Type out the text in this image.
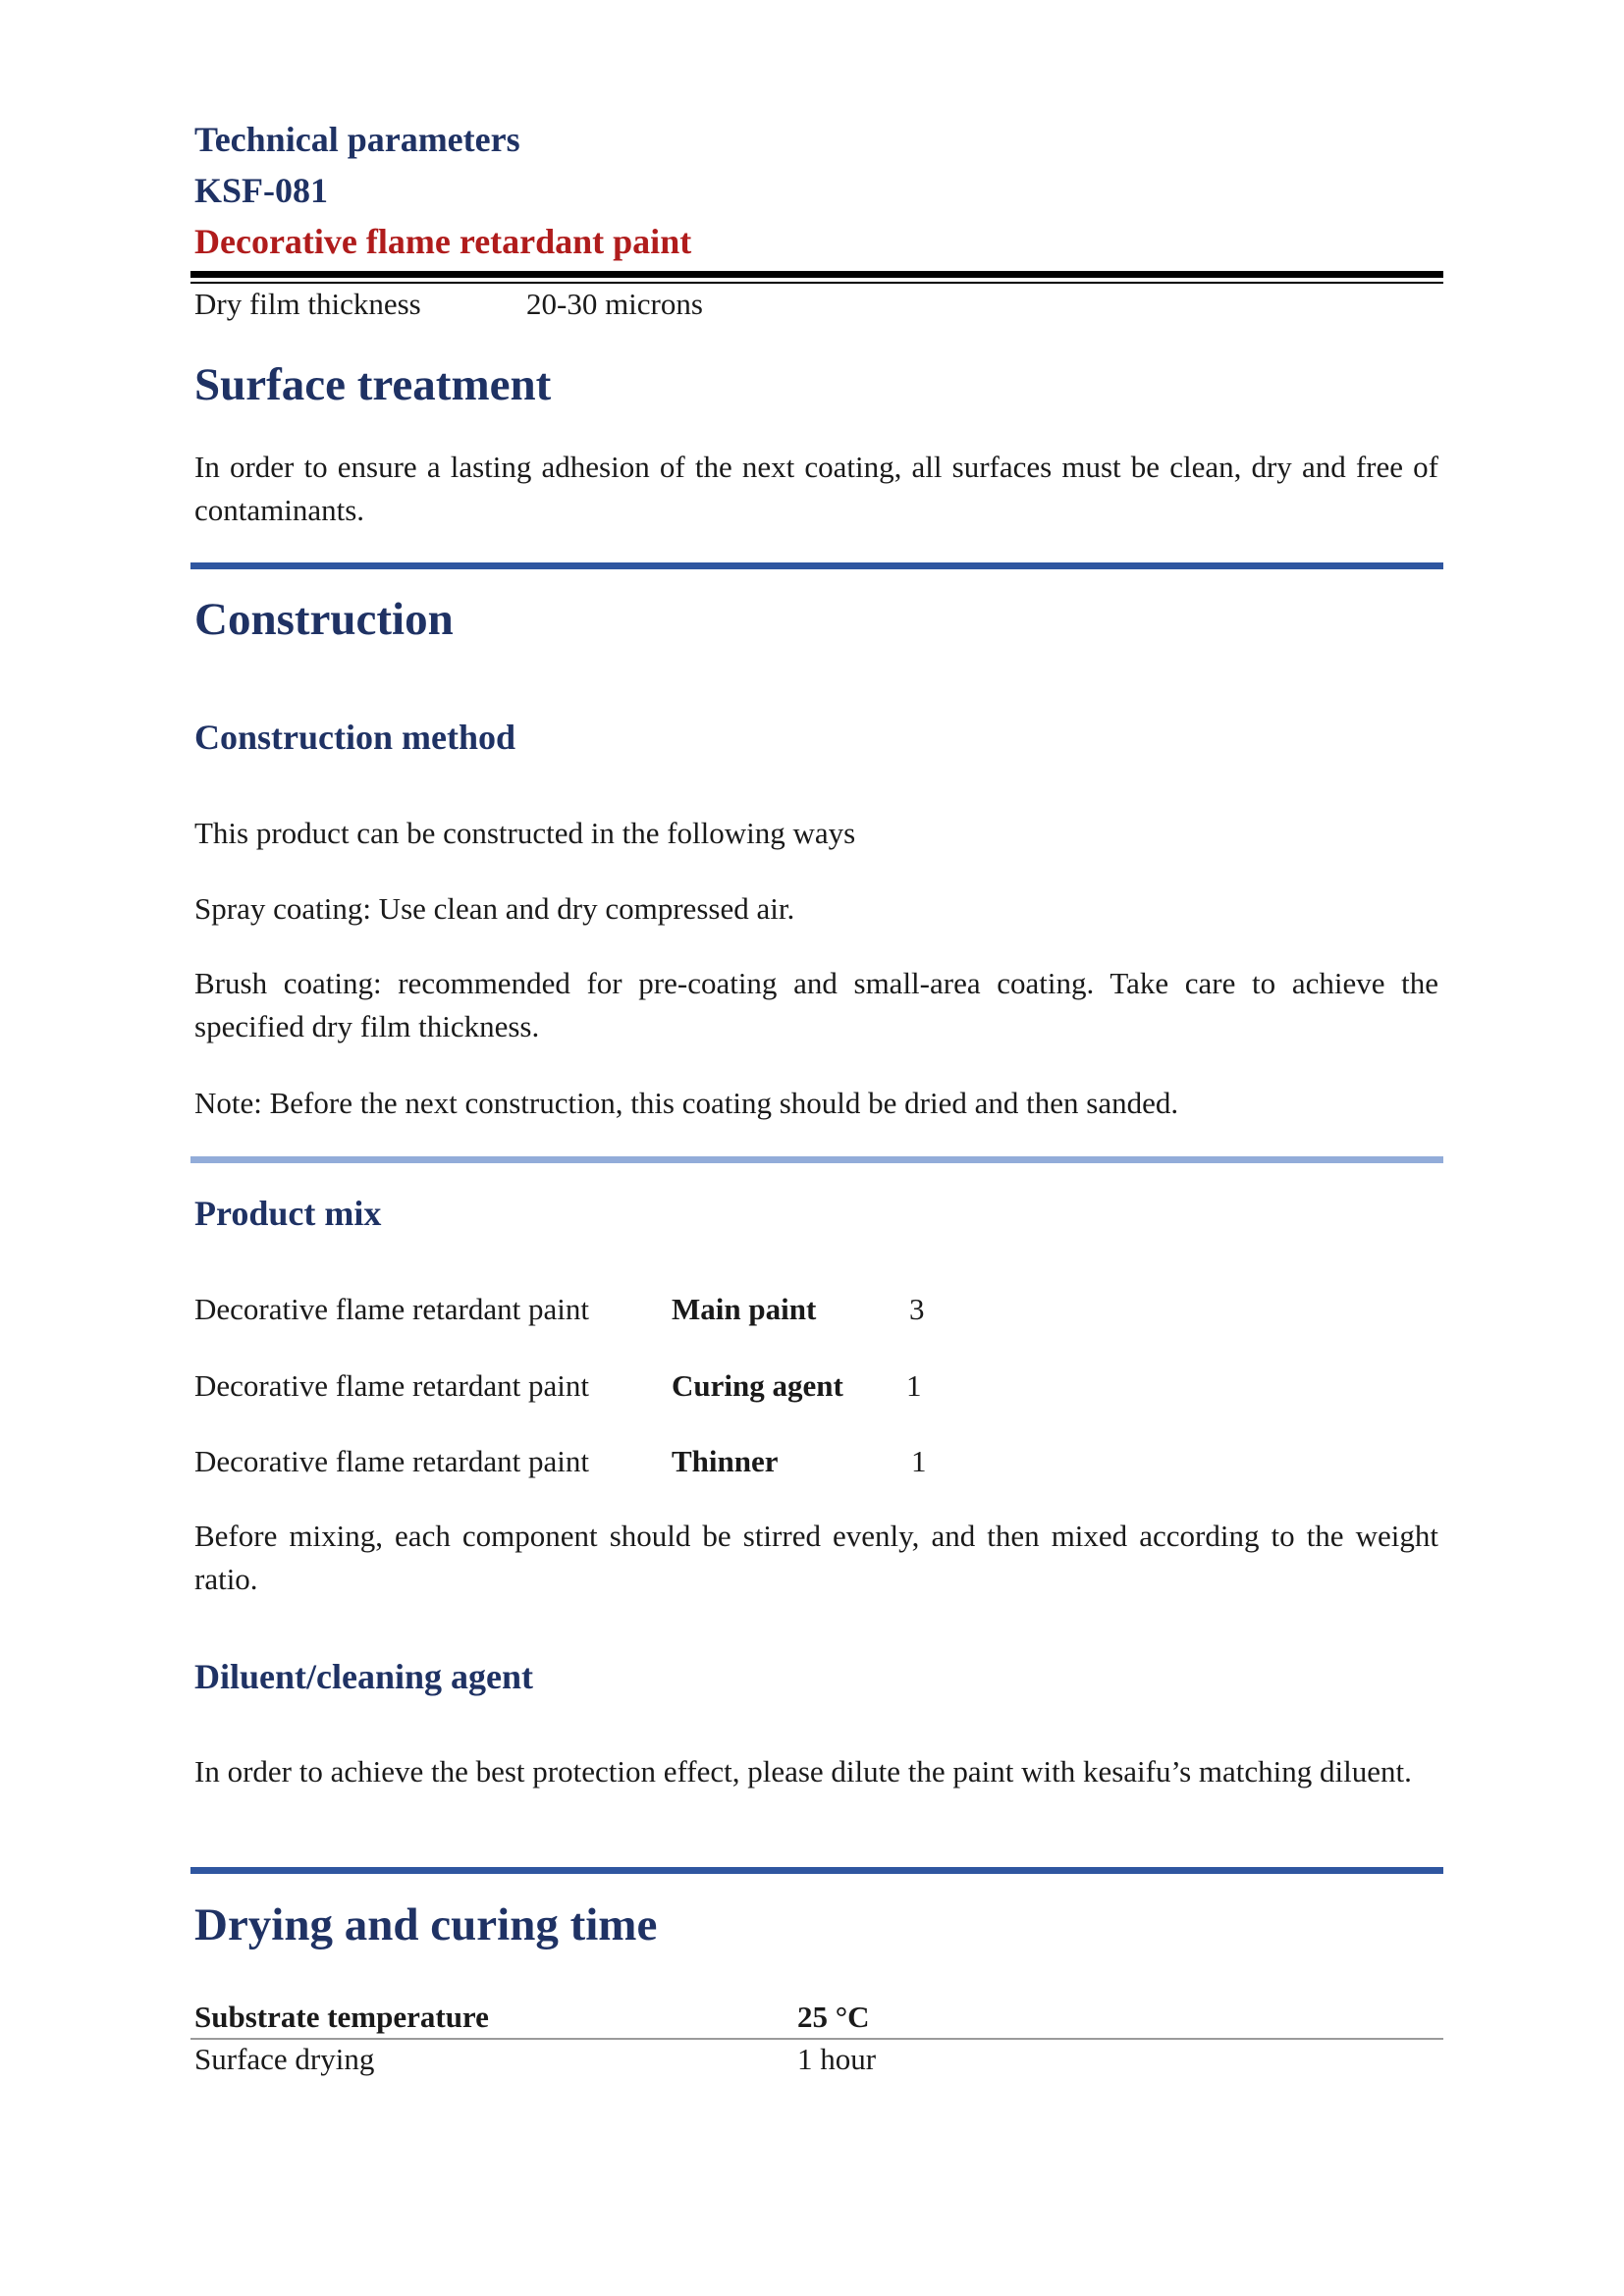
Technical parameters
KSF-081
Decorative flame retardant paint
Dry film thickness	20-30 microns
Surface treatment

In order to ensure a lasting adhesion of the next coating, all surfaces must be clean, dry and free of contaminants.

Construction
Construction method
This product can be constructed in the following ways
Spray coating: Use clean and dry compressed air.

Brush coating: recommended for pre-coating and small-area coating. Take care to achieve the specified dry film thickness.

Note: Before the next construction, this coating should be dried and then sanded.
Product mix
Decorative flame retardant paint	Main paint	3
Decorative flame retardant paint	Curing agent 1
Decorative flame retardant paint	Thinner	1

Before mixing, each component should be stirred evenly, and then mixed according to the weight ratio.

Diluent/cleaning agent

In order to achieve the best protection effect, please dilute the paint with kesaifu’s matching diluent.

Drying and curing time
Substrate temperature	25 °C
Surface drying	1 hour
